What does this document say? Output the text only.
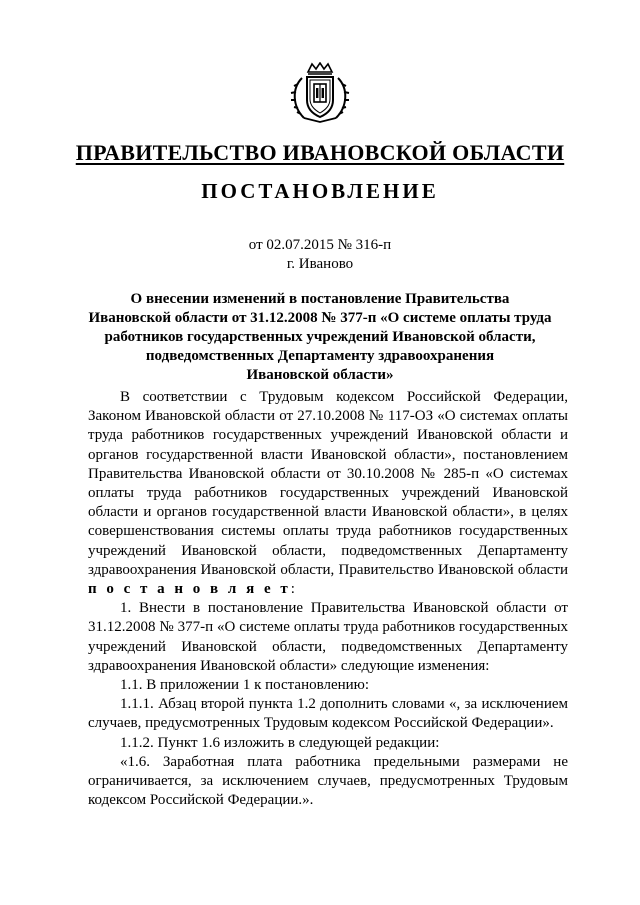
ПРАВИТЕЛЬСТВО ИВАНОВСКОЙ ОБЛАСТИ
ПОСТАНОВЛЕНИЕ
от 02.07.2015 № 316-п
г. Иваново
О внесении изменений в постановление Правительства
Ивановской области от 31.12.2008 № 377-п «О системе оплаты труда
работников государственных учреждений Ивановской области,
подведомственных Департаменту здравоохранения
Ивановской области»

В соответствии с Трудовым кодексом Российской Федерации, Законом Ивановской области от 27.10.2008 № 117-ОЗ «О системах оплаты труда работников государственных учреждений Ивановской области и органов государственной власти Ивановской области», постановлением Правительства Ивановской области от 30.10.2008 № 285-п «О системах оплаты труда работников государственных учреждений Ивановской области и органов государственной власти Ивановской области», в целях совершенствования системы оплаты труда работников государственных учреждений Ивановской области, подведомственных Департаменту здравоохранения Ивановской области, Правительство Ивановской области п о с т а н о в л я е т:

1. Внести в постановление Правительства Ивановской области от 31.12.2008 № 377-п «О системе оплаты труда работников государственных учреждений Ивановской области, подведомственных Департаменту здравоохранения Ивановской области» следующие изменения:

1.1. В приложении 1 к постановлению:

1.1.1. Абзац второй пункта 1.2 дополнить словами «, за исключением случаев, предусмотренных Трудовым кодексом Российской Федерации».

1.1.2. Пункт 1.6 изложить в следующей редакции:

«1.6. Заработная плата работника предельными размерами не ограничивается, за исключением случаев, предусмотренных Трудовым кодексом Российской Федерации.».
